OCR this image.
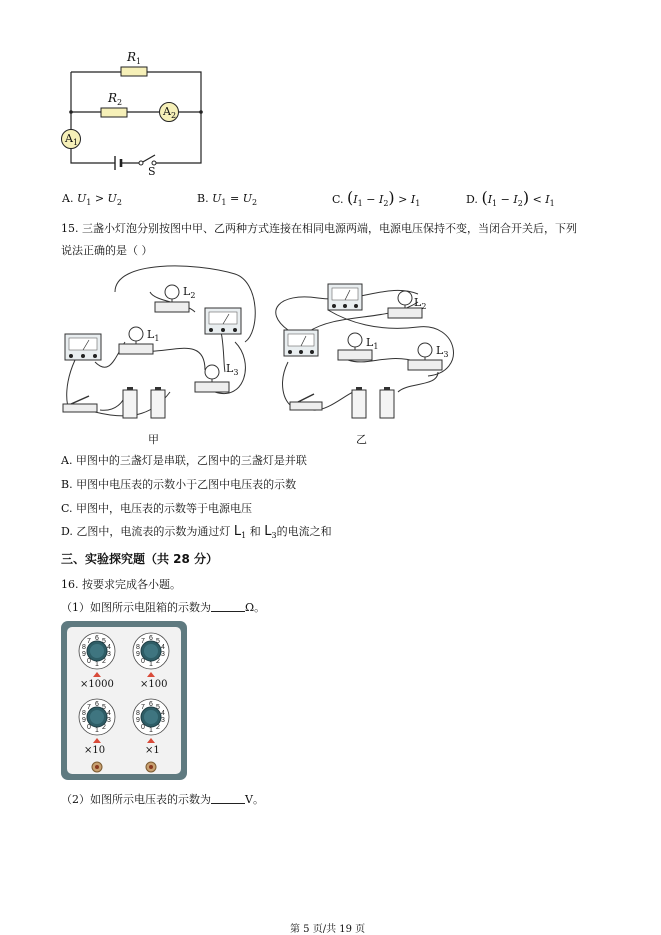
$R_1$
$R_2$
$A_2$
$A_1$
S
A. $U_1 > U_2$	B. $U_1 = U_2$	C. $(I_1 - I_2) > I_1$	D. $(I_1 - I_2) < I_1$
15. 三盏小灯泡分别按图中甲、乙两种方式连接在相同电源两端，电源电压保持不变，当闭合开关后，下列
说法正确的是（ ）
$L_2$
$L_1$
$L_3$
甲
$L_2$
$L_1$	$L_3$
乙
A. 甲图中的三盏灯是串联，乙图中的三盏灯是并联
B. 甲图中电压表的示数小于乙图中电压表的示数
C. 甲图中，电压表的示数等于电源电压
D. 乙图中，电流表的示数为通过灯 $L_1$ 和 $L_3$的电流之和
三、实验探究题（共 28 分）
16. 按要求完成各小题。
（1）如图所示电阻箱的示数为	Ω。
3
2
×1000	×100
×10	×1
（2）如图所示电压表的示数为	V。
第 5 页/共 19 页
